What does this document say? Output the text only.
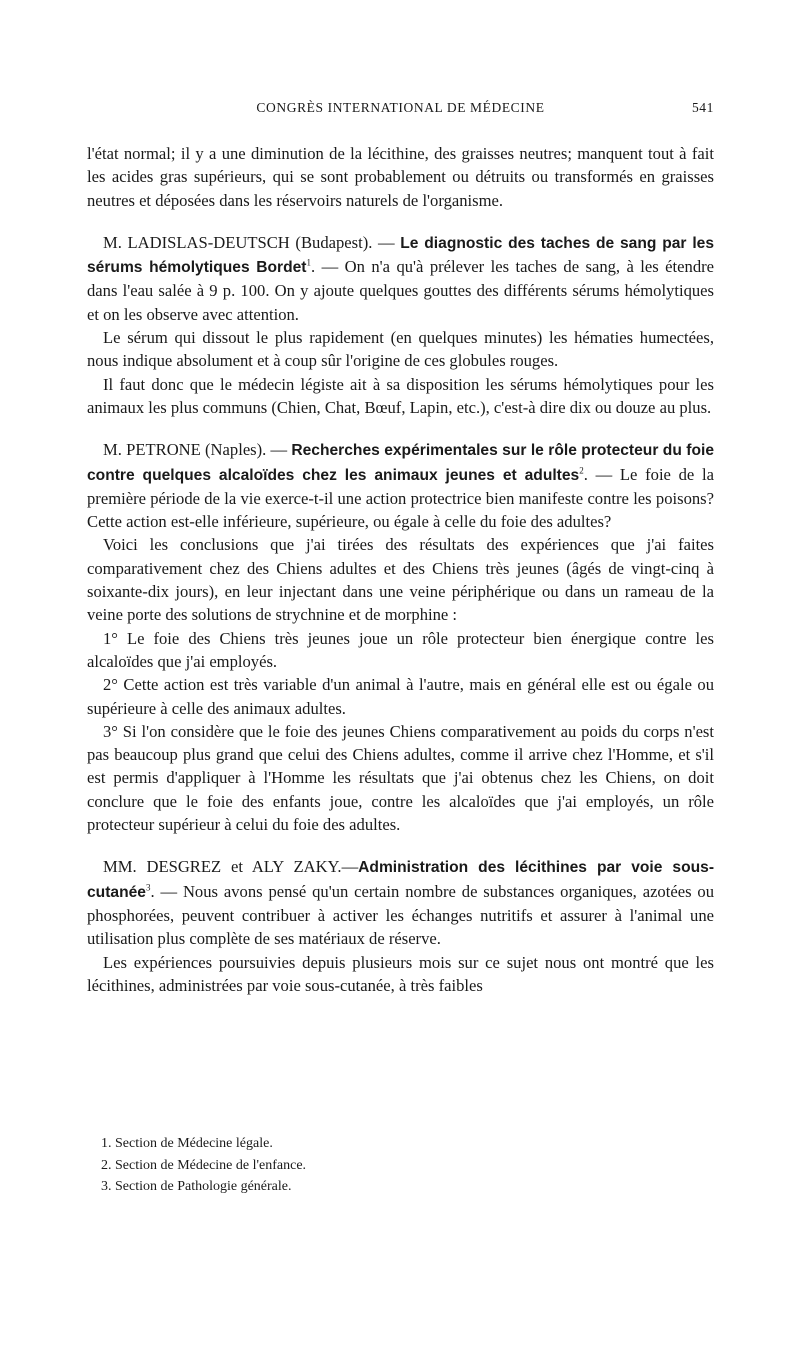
CONGRÈS INTERNATIONAL DE MÉDECINE	541

l'état normal; il y a une diminution de la lécithine, des graisses neutres; manquent tout à fait les acides gras supérieurs, qui se sont probablement ou détruits ou transformés en graisses neutres et déposées dans les réservoirs naturels de l'organisme.

M. LADISLAS-DEUTSCH (Budapest). — Le diagnostic des taches de sang par les sérums hémolytiques Bordet$^1$. — On n'a qu'à prélever les taches de sang, à les étendre dans l'eau salée à 9 p. 100. On y ajoute quelques gouttes des différents sérums hémolytiques et on les observe avec attention.

Le sérum qui dissout le plus rapidement (en quelques minutes) les hématies humectées, nous indique absolument et à coup sûr l'origine de ces globules rouges.

Il faut donc que le médecin légiste ait à sa disposition les sérums hémolytiques pour les animaux les plus communs (Chien, Chat, Bœuf, Lapin, etc.), c'est-à dire dix ou douze au plus.

M. PETRONE (Naples). — Recherches expérimentales sur le rôle protecteur du foie contre quelques alcaloïdes chez les animaux jeunes et adultes$^2$. — Le foie de la première période de la vie exerce-t-il une action protectrice bien manifeste contre les poisons? Cette action est-elle inférieure, supérieure, ou égale à celle du foie des adultes?

Voici les conclusions que j'ai tirées des résultats des expériences que j'ai faites comparativement chez des Chiens adultes et des Chiens très jeunes (âgés de vingt-cinq à soixante-dix jours), en leur injectant dans une veine périphérique ou dans un rameau de la veine porte des solutions de strychnine et de morphine :

1° Le foie des Chiens très jeunes joue un rôle protecteur bien énergique contre les alcaloïdes que j'ai employés.

2° Cette action est très variable d'un animal à l'autre, mais en général elle est ou égale ou supérieure à celle des animaux adultes.

3° Si l'on considère que le foie des jeunes Chiens comparativement au poids du corps n'est pas beaucoup plus grand que celui des Chiens adultes, comme il arrive chez l'Homme, et s'il est permis d'appliquer à l'Homme les résultats que j'ai obtenus chez les Chiens, on doit conclure que le foie des enfants joue, contre les alcaloïdes que j'ai employés, un rôle protecteur supérieur à celui du foie des adultes.

MM. DESGREZ et ALY ZAKY.—Administration des lécithines par voie sous-cutanée$^3$. — Nous avons pensé qu'un certain nombre de substances organiques, azotées ou phosphorées, peuvent contribuer à activer les échanges nutritifs et assurer à l'animal une utilisation plus complète de ses matériaux de réserve.

Les expériences poursuivies depuis plusieurs mois sur ce sujet nous ont montré que les lécithines, administrées par voie sous-cutanée, à très faibles

1. Section de Médecine légale.
2. Section de Médecine de l'enfance.
3. Section de Pathologie générale.
